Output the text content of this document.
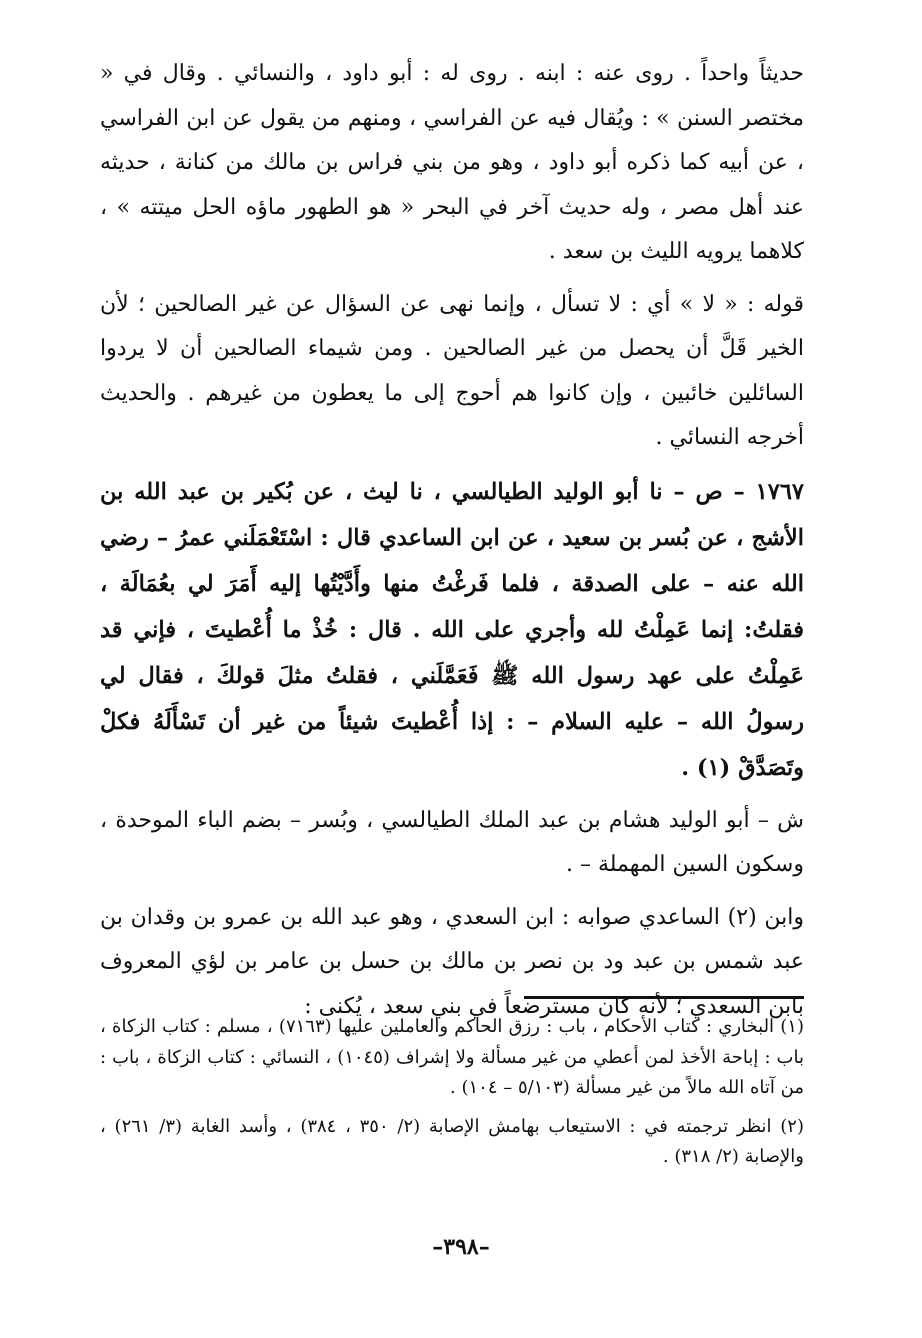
حديثاً واحداً . روى عنه : ابنه . روى له : أبو داود ، والنسائي . وقال في « مختصر السنن » : ويُقال فيه عن الفراسي ، ومنهم من يقول عن ابن الفراسي ، عن أبيه كما ذكره أبو داود ، وهو من بني فراس بن مالك من كنانة ، حديثه عند أهل مصر ، وله حديث آخر في البحر « هو الطهور ماؤه الحل ميتته » ، كلاهما يرويه الليث بن سعد .

قوله : « لا » أي : لا تسأل ، وإنما نهى عن السؤال عن غير الصالحين ؛ لأن الخير قَلَّ أن يحصل من غير الصالحين . ومن شيماء الصالحين أن لا يردوا السائلين خائبين ، وإن كانوا هم أحوج إلى ما يعطون من غيرهم . والحديث أخرجه النسائي .

١٧٦٧ – ص – نا أبو الوليد الطيالسي ، نا ليث ، عن بُكير بن عبد الله بن الأشج ، عن بُسر بن سعيد ، عن ابن الساعدي قال : اسْتَعْمَلَني عمرُ – رضي الله عنه – على الصدقة ، فلما فَرغْتُ منها وأَدَّيْتُها إليه أَمَرَ لي بعُمَالَة ، فقلتُ: إنما عَمِلْتُ لله وأجري على الله . قال : خُذْ ما أُعْطيتَ ، فإني قد عَمِلْتُ على عهد رسول الله ﷺ فَعَمَّلَني ، فقلتُ مثلَ قولكَ ، فقال لي رسولُ الله – عليه السلام – : إذا أُعْطيتَ شيئاً من غير أن تَسْأَلَهُ فكلْ وتَصَدَّقْ (١) .

ش – أبو الوليد هشام بن عبد الملك الطيالسي ، وبُسر – بضم الباء الموحدة ، وسكون السين المهملة – .

وابن (٢) الساعدي صوابه : ابن السعدي ، وهو عبد الله بن عمرو بن وقدان بن عبد شمس بن عبد ود بن نصر بن مالك بن حسل بن عامر بن لؤي المعروف بابن السعدي ؛ لأنه كان مسترضعاً في بني سعد ، يُكنى :

(١) البخاري : كتاب الأحكام ، باب : رزق الحاكم والعاملين عليها (٧١٦٣) ، مسلم : كتاب الزكاة ، باب : إباحة الأخذ لمن أعطي من غير مسألة ولا إشراف (١٠٤٥) ، النسائي : كتاب الزكاة ، باب : من آتاه الله مالاً من غير مسألة (٥/١٠٣ – ١٠٤) .

(٢) انظر ترجمته في : الاستيعاب بهامش الإصابة (٢/ ٣٥٠ ، ٣٨٤) ، وأسد الغابة (٣/ ٢٦١) ، والإصابة (٢/ ٣١٨) .

–٣٩٨–
